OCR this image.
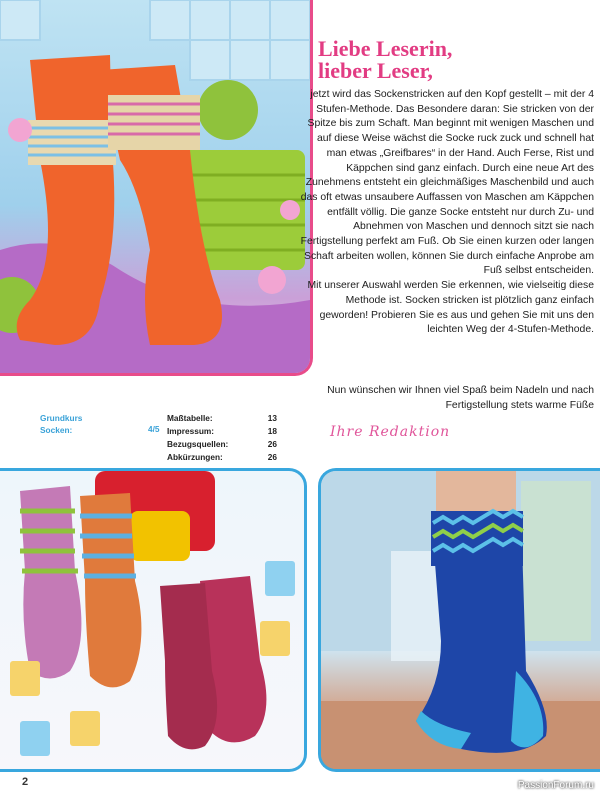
Liebe Leserin,
lieber Leser,

jetzt wird das Sockenstricken auf den Kopf gestellt – mit der 4 Stufen-Methode. Das Besondere daran: Sie stricken von der Spitze bis zum Schaft. Man beginnt mit wenigen Maschen und auf diese Weise wächst die Socke ruck zuck und schnell hat man etwas „Greifbares“ in der Hand. Auch Ferse, Rist und Käppchen sind ganz einfach. Durch eine neue Art des Zunehmens entsteht ein gleichmäßiges Maschenbild und auch das oft etwas unsaubere Auffassen von Maschen am Käppchen entfällt völlig. Die ganze Socke entsteht nur durch Zu- und Abnehmen von Maschen und dennoch sitzt sie nach Fertigstellung perfekt am Fuß. Ob Sie einen kurzen oder langen Schaft arbeiten wollen, können Sie durch einfache Anprobe am Fuß selbst entscheiden.

Mit unserer Auswahl werden Sie erkennen, wie vielseitig diese Methode ist. Socken stricken ist plötzlich ganz einfach geworden! Probieren Sie es aus und gehen Sie mit uns den leichten Weg der 4-Stufen-Methode.

Nun wünschen wir Ihnen viel Spaß beim Nadeln und nach Fertigstellung stets warme Füße

Ihre Redaktion
Grundkurs
Socken:	4/5
Maßtabelle:	13
Impressum:	18
Bezugsquellen:	26
Abkürzungen:	26
2	PassionForum.ru
